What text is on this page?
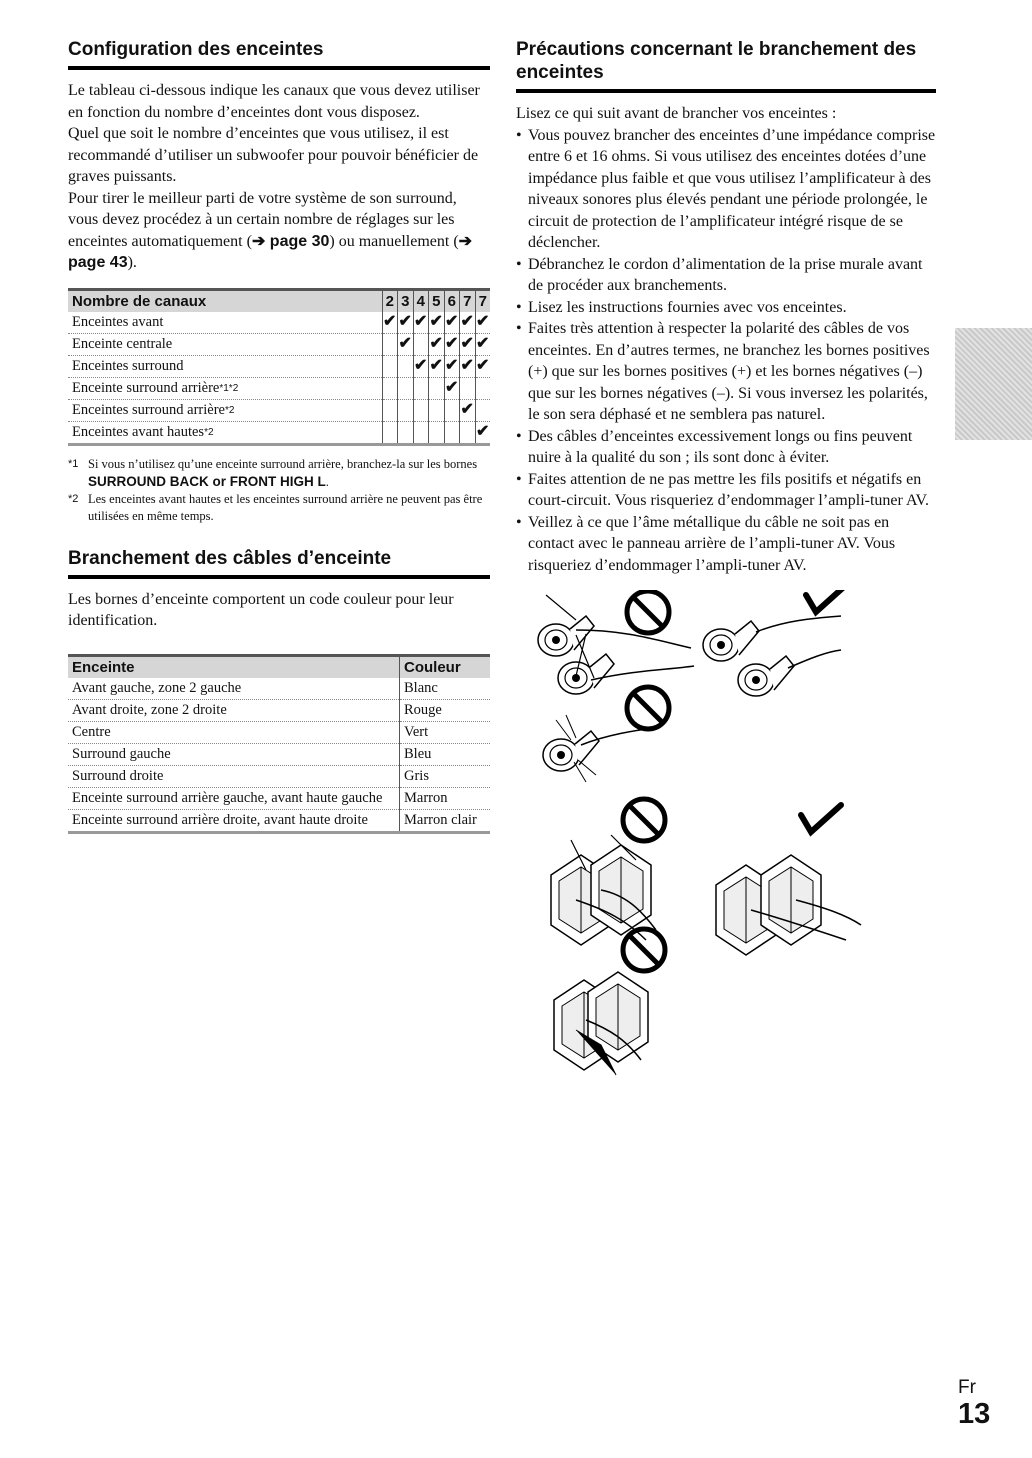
Configuration des enceintes

Le tableau ci-dessous indique les canaux que vous devez utiliser en fonction du nombre d’enceintes dont vous disposez.

Quel que soit le nombre d’enceintes que vous utilisez, il est recommandé d’utiliser un subwoofer pour pouvoir bénéficier de graves puissants.

Pour tirer le meilleur parti de votre système de son surround, vous devez procédez à un certain nombre de réglages sur les enceintes automatiquement (➔ page 30) ou manuellement (➔ page 43).

Nombre de canaux	2	3	4	5	6	7	7
Enceintes avant	✔	✔	✔	✔	✔	✔	✔
Enceinte centrale		✔		✔	✔	✔	✔
Enceintes surround			✔	✔	✔	✔	✔
Enceinte surround arrière$^{*1*2}$					✔		
Enceintes surround arrière$^{*2}$						✔	
Enceintes avant hautes$^{*2}$							✔
*1 Si vous n’utilisez qu’une enceinte surround arrière, branchez-la sur les bornes SURROUND BACK or FRONT HIGH L.
*2 Les enceintes avant hautes et les enceintes surround arrière ne peuvent pas être utilisées en même temps.
Branchement des câbles d’enceinte

Les bornes d’enceinte comportent un code couleur pour leur identification.

Enceinte	Couleur
Avant gauche, zone 2 gauche	Blanc
Avant droite, zone 2 droite	Rouge
Centre	Vert
Surround gauche	Bleu
Surround droite	Gris
Enceinte surround arrière gauche, avant haute gauche	Marron
Enceinte surround arrière droite, avant haute droite	Marron clair
Précautions concernant le branchement des enceintes

Lisez ce qui suit avant de brancher vos enceintes :

• Vous pouvez brancher des enceintes d’une impédance comprise entre 6 et 16 ohms. Si vous utilisez des enceintes dotées d’une impédance plus faible et que vous utilisez l’amplificateur à des niveaux sonores plus élevés pendant une période prolongée, le circuit de protection de l’amplificateur intégré risque de se déclencher.
• Débranchez le cordon d’alimentation de la prise murale avant de procéder aux branchements.
• Lisez les instructions fournies avec vos enceintes.
• Faites très attention à respecter la polarité des câbles de vos enceintes. En d’autres termes, ne branchez les bornes positives (+) que sur les bornes positives (+) et les bornes négatives (–) que sur les bornes négatives (–). Si vous inversez les polarités, le son sera déphasé et ne semblera pas naturel.
• Des câbles d’enceintes excessivement longs ou fins peuvent nuire à la qualité du son ; ils sont donc à éviter.
• Faites attention de ne pas mettre les fils positifs et négatifs en court-circuit. Vous risqueriez d’endommager l’ampli-tuner AV.
• Veillez à ce que l’âme métallique du câble ne soit pas en contact avec le panneau arrière de l’ampli-tuner AV. Vous risqueriez d’endommager l’ampli-tuner AV.
Fr
13
